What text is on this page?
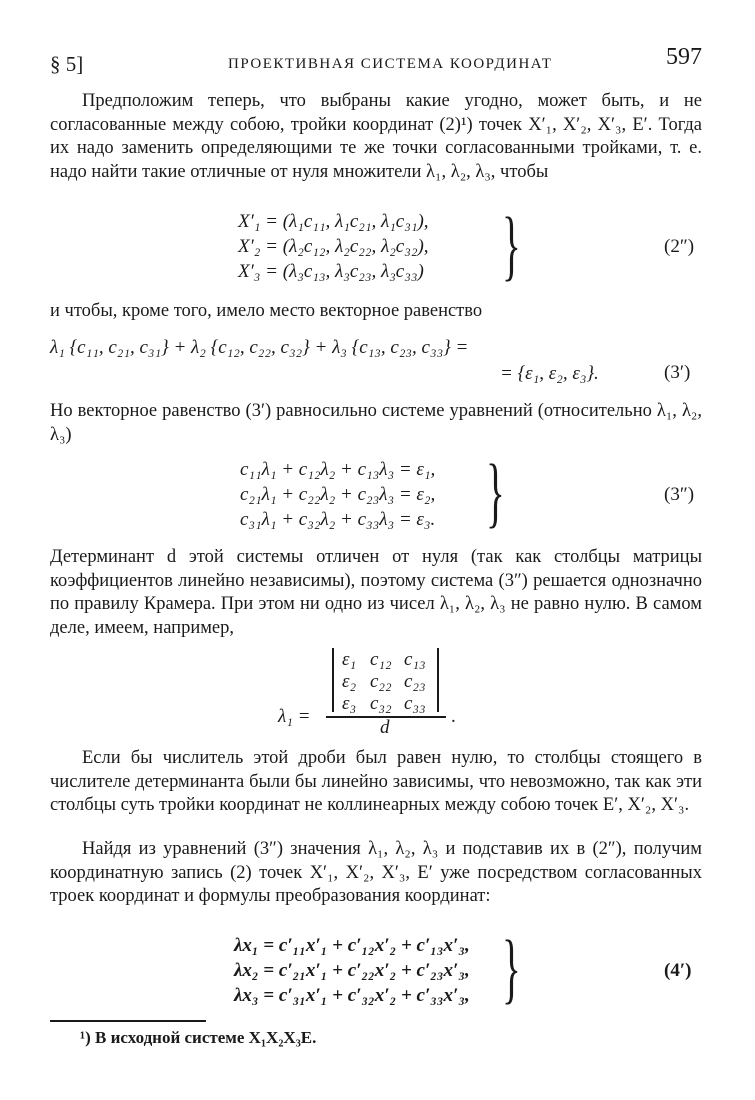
§ 5]	ПРОЕКТИВНАЯ СИСТЕМА КООРДИНАТ	597
Предположим теперь, что выбраны какие угодно, может быть, и не согласованные между собою, тройки координат (2)¹) точек X′₁, X′₂, X′₃, E′. Тогда их надо заменить определяющими те же точки согласованными тройками, т. е. надо найти такие отличные от нуля множители λ₁, λ₂, λ₃, чтобы
X′₁ = (λ₁c₁₁, λ₁c₂₁, λ₁c₃₁),
X′₂ = (λ₂c₁₂, λ₂c₂₂, λ₂c₃₂),
X′₃ = (λ₃c₁₃, λ₃c₂₃, λ₃c₃₃) }	(2″)
и чтобы, кроме того, имело место векторное равенство
λ₁ {c₁₁, c₂₁, c₃₁} + λ₂ {c₁₂, c₂₂, c₃₂} + λ₃ {c₁₃, c₂₃, c₃₃} =
= {ε₁, ε₂, ε₃}.	(3′)
Но векторное равенство (3′) равносильно системе уравнений (относительно λ₁, λ₂, λ₃)
c₁₁λ₁ + c₁₂λ₂ + c₁₃λ₃ = ε₁,
c₂₁λ₁ + c₂₂λ₂ + c₂₃λ₃ = ε₂,
c₃₁λ₁ + c₃₂λ₂ + c₃₃λ₃ = ε₃. }	(3″)
Детерминант d этой системы отличен от нуля (так как столбцы матрицы коэффициентов линейно независимы), поэтому система (3″) решается однозначно по правилу Крамера. При этом ни одно из чисел λ₁, λ₂, λ₃ не равно нулю. В самом деле, имеем, например,
λ₁ =
ε₁ c₁₂ c₁₃
ε₂ c₂₂ c₂₃
ε₃ c₃₂ c₃₃
d
.
Если бы числитель этой дроби был равен нулю, то столбцы стоящего в числителе детерминанта были бы линейно зависимы, что невозможно, так как эти столбцы суть тройки координат не коллинеарных между собою точек E′, X′₂, X′₃.
Найдя из уравнений (3″) значения λ₁, λ₂, λ₃ и подставив их в (2″), получим координатную запись (2) точек X′₁, X′₂, X′₃, E′ уже посредством согласованных троек координат и формулы преобразования координат:
λx₁ = c′₁₁x′₁ + c′₁₂x′₂ + c′₁₃x′₃,
λx₂ = c′₂₁x′₁ + c′₂₂x′₂ + c′₂₃x′₃,
λx₃ = c′₃₁x′₁ + c′₃₂x′₂ + c′₃₃x′₃, }	(4′)
¹) В исходной системе X₁X₂X₃E.
